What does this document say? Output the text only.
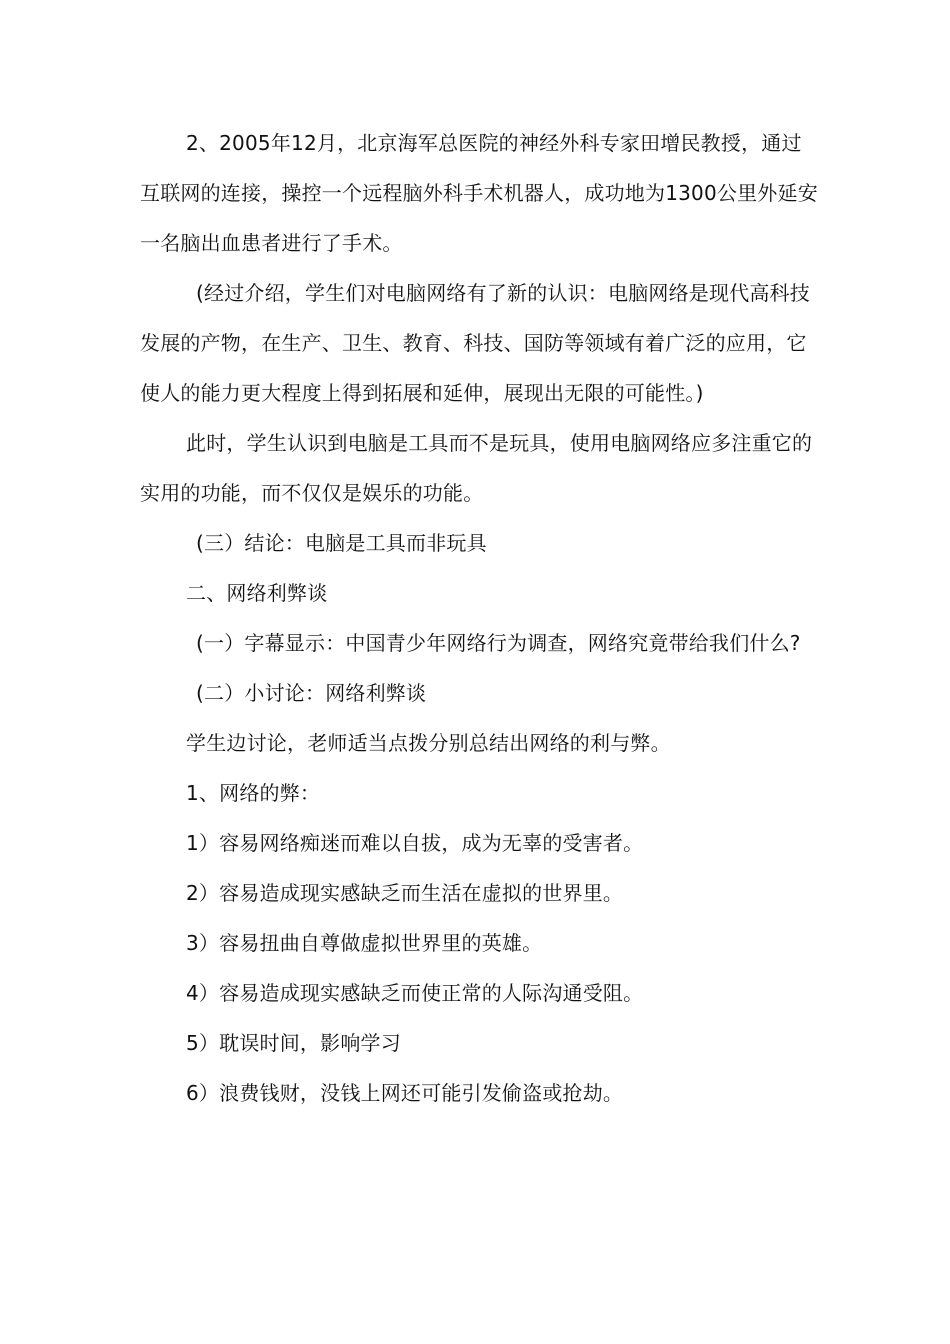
2、2005年12月，北京海军总医院的神经外科专家田增民教授，通过互联网的连接，操控一个远程脑外科手术机器人，成功地为1300公里外延安一名脑出血患者进行了手术。

(经过介绍，学生们对电脑网络有了新的认识：电脑网络是现代高科技发展的产物，在生产、卫生、教育、科技、国防等领域有着广泛的应用，它使人的能力更大程度上得到拓展和延伸，展现出无限的可能性。)

此时，学生认识到电脑是工具而不是玩具，使用电脑网络应多注重它的实用的功能，而不仅仅是娱乐的功能。

(三）结论：电脑是工具而非玩具

二、网络利弊谈

(一）字幕显示：中国青少年网络行为调查，网络究竟带给我们什么?

(二）小讨论：网络利弊谈

学生边讨论，老师适当点拨分别总结出网络的利与弊。

1、网络的弊：

1）容易网络痴迷而难以自拔，成为无辜的受害者。

2）容易造成现实感缺乏而生活在虚拟的世界里。

3）容易扭曲自尊做虚拟世界里的英雄。

4）容易造成现实感缺乏而使正常的人际沟通受阻。

5）耽误时间，影响学习

6）浪费钱财，没钱上网还可能引发偷盗或抢劫。
